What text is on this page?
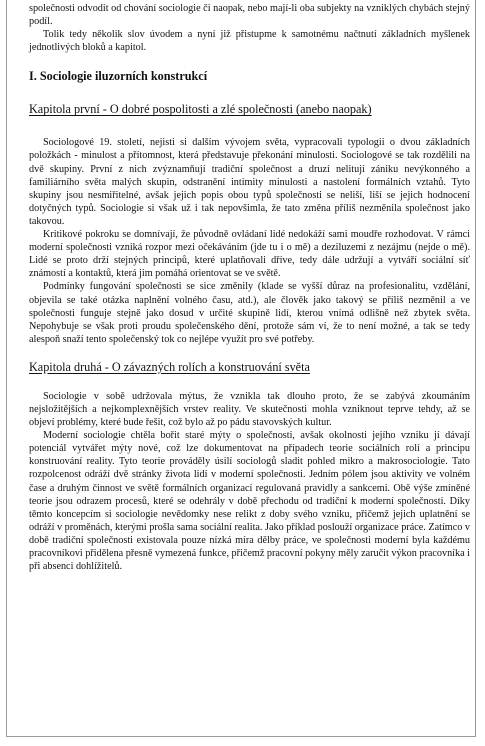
společnosti odvodit od chování sociologie či naopak, nebo mají-li oba subjekty na vzniklých chybách stejný podíl.

Tolik tedy několik slov úvodem a nyní již přistupme k samotnému načtnutí základních myšlenek jednotlivých bloků a kapitol.

I. Sociologie iluzorních konstrukcí
Kapitola první - O dobré pospolitosti a zlé společnosti (anebo naopak)

Sociologové 19. století, nejisti si dalším vývojem světa, vypracovali typologii o dvou základních položkách - minulost a přítomnost, která představuje překonání minulosti. Sociologové se tak rozdělili na dvě skupiny. První z nich zvýznamňují tradiční společnost a druzí nelitují zániku nevýkonného a familiárního světa malých skupin, odstranění intimity minulosti a nastolení formálních vztahů. Tyto skupiny jsou nesmiřitelné, avšak jejich popis obou typů společnosti se neliší, liší se jejich hodnocení dotyčných typů. Sociologie si však už i tak nepovšimla, že tato změna příliš nezměnila společnost jako takovou.

Kritikové pokroku se domnívají, že původně ovládaní lidé nedokáží sami moudře rozhodovat. V rámci moderní společnosti vzniká rozpor mezi očekáváním (jde tu i o mě) a deziluzemi z nezájmu (nejde o mě). Lidé se proto drží stejných principů, které uplatňovali dříve, tedy dále udržují a vytváří sociální síť známostí a kontaktů, která jim pomáhá orientovat se ve světě.

Podmínky fungování společnosti se sice změnily (klade se vyšší důraz na profesionalitu, vzdělání, objevila se také otázka naplnění volného času, atd.), ale člověk jako takový se příliš nezměnil a ve společnosti funguje stejně jako dosud v určité skupině lidí, kterou vnímá odlišně než zbytek světa. Nepohybuje se však proti proudu společenského dění, protože sám ví, že to není možné, a tak se tedy alespoň snaží tento společenský tok co nejlépe využít pro své potřeby.

Kapitola druhá - O závazných rolích a konstruování světa

Sociologie v sobě udržovala mýtus, že vznikla tak dlouho proto, že se zabývá zkoumáním nejsložitějších a nejkomplexnějších vrstev reality. Ve skutečnosti mohla vzniknout teprve tehdy, až se objeví problémy, které bude řešit, což bylo až po pádu stavovských kultur.

Moderní sociologie chtěla bořit staré mýty o společnosti, avšak okolnosti jejího vzniku jí dávají potenciál vytvářet mýty nové, což lze dokumentovat na případech teorie sociálních rolí a principu konstruování reality. Tyto teorie prováděly úsilí sociologů sladit pohled mikro a makrosociologie. Tato rozpolcenost odráží dvě stránky života lidí v moderní společnosti. Jedním pólem jsou aktivity ve volném čase a druhým činnost ve světě formálních organizací regulovaná pravidly a sankcemi. Obě výše zmíněné teorie jsou odrazem procesů, které se odehrály v době přechodu od tradiční k moderní společnosti. Díky těmto koncepcím si sociologie nevědomky nese relikt z doby svého vzniku, přičemž jejich uplatnění se odráží v proměnách, kterými prošla sama sociální realita. Jako příklad poslouží organizace práce. Zatímco v době tradiční společnosti existovala pouze nízká míra dělby práce, ve společnosti moderní byla každému pracovníkovi přidělena přesně vymezená funkce, přičemž pracovní pokyny měly zaručit výkon pracovníka i při absenci dohlížitelů.
